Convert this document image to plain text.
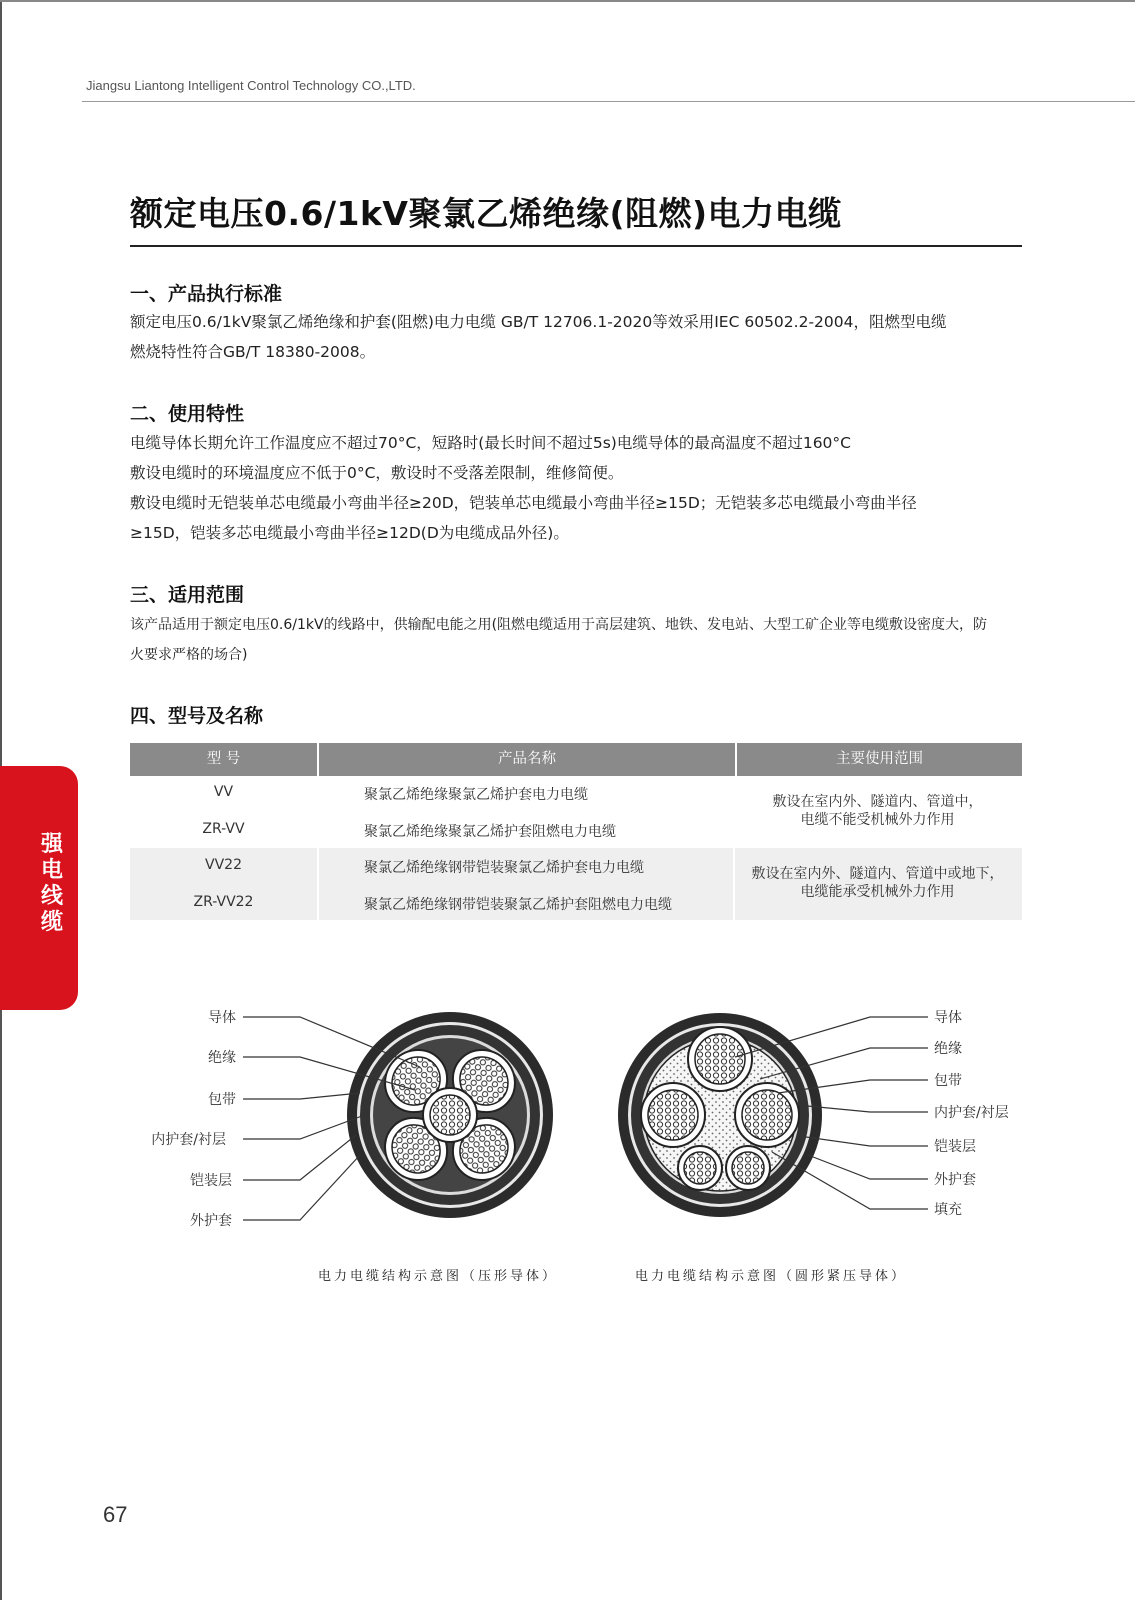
Jiangsu Liantong Intelligent Control Technology CO.,LTD.
额定电压0.6/1kV聚氯乙烯绝缘(阻燃)电力电缆
一、产品执行标准
额定电压0.6/1kV聚氯乙烯绝缘和护套(阻燃)电力电缆 GB/T 12706.1-2020等效采用IEC 60502.2-2004，阻燃型电缆
燃烧特性符合GB/T 18380-2008。
二、使用特性
电缆导体长期允许工作温度应不超过70°C，短路时(最长时间不超过5s)电缆导体的最高温度不超过160°C
敷设电缆时的环境温度应不低于0°C，敷设时不受落差限制，维修简便。
敷设电缆时无铠装单芯电缆最小弯曲半径≥20D，铠装单芯电缆最小弯曲半径≥15D；无铠装多芯电缆最小弯曲半径
≥15D，铠装多芯电缆最小弯曲半径≥12D(D为电缆成品外径)。
三、适用范围
该产品适用于额定电压0.6/1kV的线路中，供输配电能之用(阻燃电缆适用于高层建筑、地铁、发电站、大型工矿企业等电缆敷设密度大，防
火要求严格的场合)
四、型号及名称
型 号	产品名称	主要使用范围
VV	聚氯乙烯绝缘聚氯乙烯护套电力电缆
ZR-VV	聚氯乙烯绝缘聚氯乙烯护套阻燃电力电缆
敷设在室内外、隧道内、管道中，
电缆不能受机械外力作用
VV22	聚氯乙烯绝缘钢带铠装聚氯乙烯护套电力电缆
ZR-VV22	聚氯乙烯绝缘钢带铠装聚氯乙烯护套阻燃电力电缆
敷设在室内外、隧道内、管道中或地下，
电缆能承受机械外力作用
强
电
线
缆 ▲High voltage cable
导体
绝缘
包带
内护套/衬层
铠装层
外护套
导体
绝缘
包带
内护套/衬层
铠装层
外护套
填充
电力电缆结构示意图（压形导体）	电力电缆结构示意图（圆形紧压导体）
67
